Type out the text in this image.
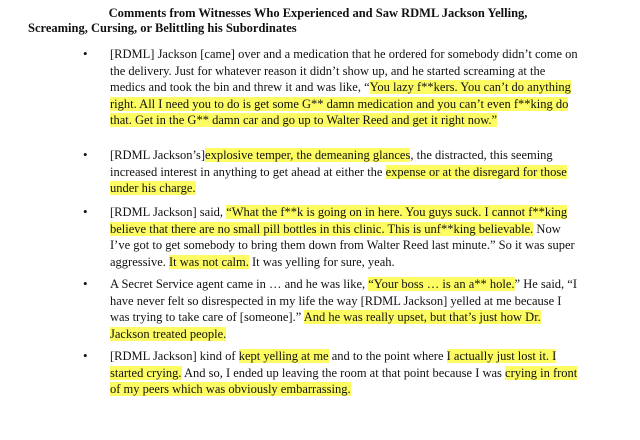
Comments from Witnesses Who Experienced and Saw RDML Jackson Yelling,
Screaming, Cursing, or Belittling his Subordinates
• [RDML] Jackson [came] over and a medication that he ordered for somebody didn’t come on the delivery. Just for whatever reason it didn’t show up, and he started screaming at the medics and took the bin and threw it and was like, “You lazy f**kers. You can’t do anything right. All I need you to do is get some G** damn medication and you can’t even f**king do that. Get in the G** damn car and go up to Walter Reed and get it right now.”
• [RDML Jackson’s]explosive temper, the demeaning glances, the distracted, this seeming increased interest in anything to get ahead at either the expense or at the disregard for those under his charge.
• [RDML Jackson] said, “What the f**k is going on in here. You guys suck. I cannot f**king believe that there are no small pill bottles in this clinic. This is unf**king believable. Now I’ve got to get somebody to bring them down from Walter Reed last minute.” So it was super aggressive. It was not calm. It was yelling for sure, yeah.
• A Secret Service agent came in … and he was like, “Your boss … is an a** hole.” He said, “I have never felt so disrespected in my life the way [RDML Jackson] yelled at me because I was trying to take care of [someone].” And he was really upset, but that’s just how Dr. Jackson treated people.
• [RDML Jackson] kind of kept yelling at me and to the point where I actually just lost it. I started crying. And so, I ended up leaving the room at that point because I was crying in front of my peers which was obviously embarrassing.
